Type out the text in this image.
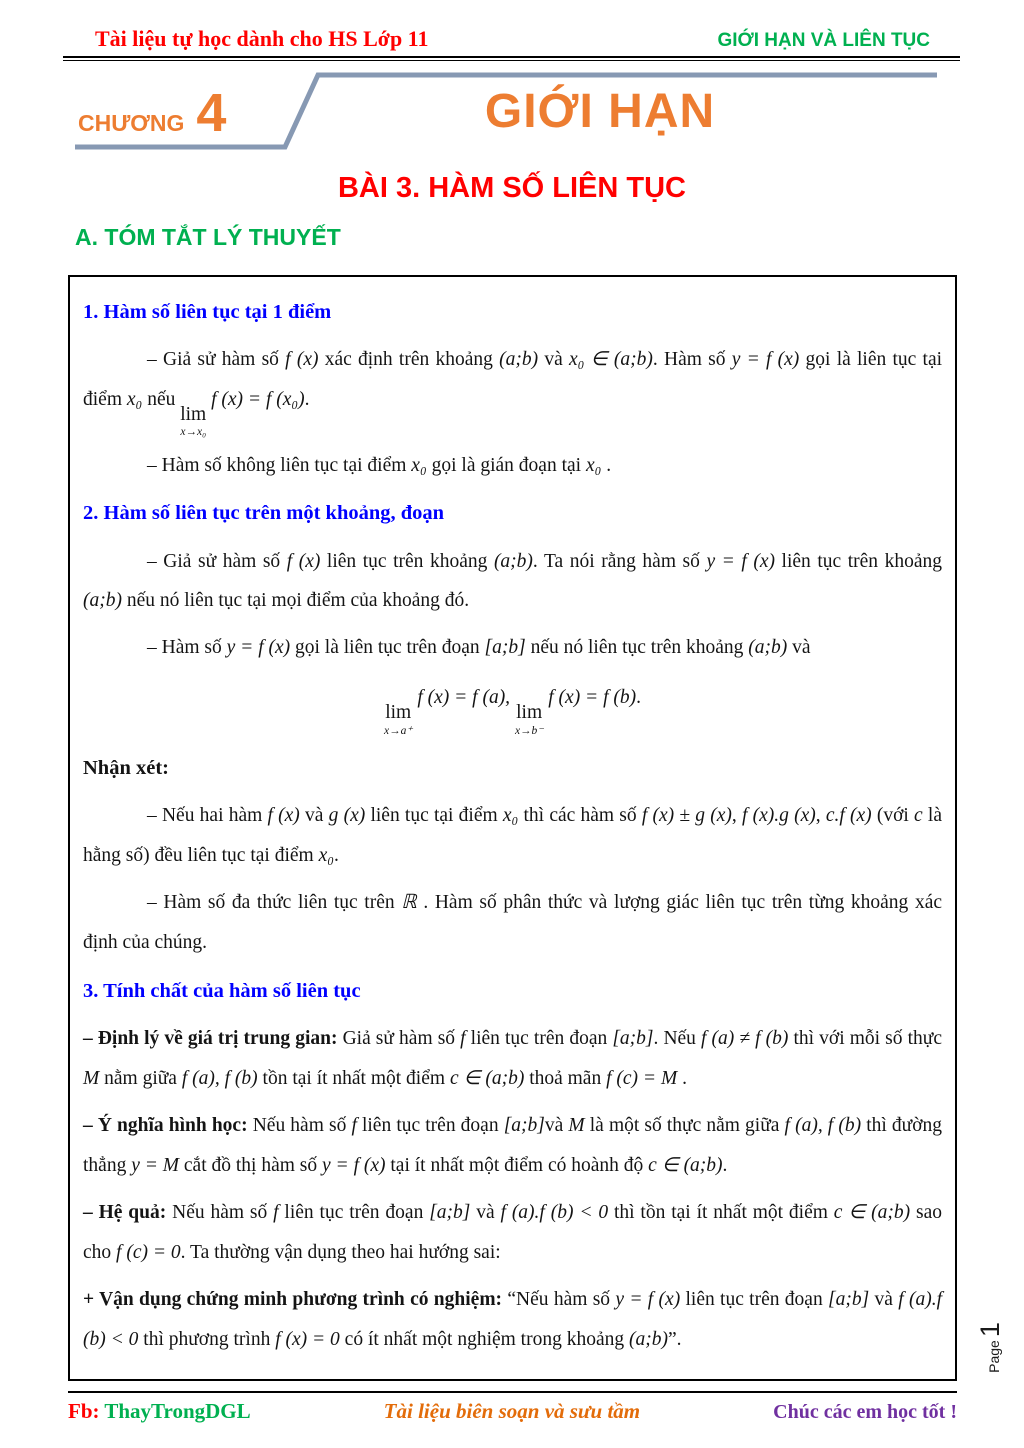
Tài liệu tự học dành cho HS Lớp 11	GIỚI HẠN VÀ LIÊN TỤC
CHƯƠNG 4	GIỚI HẠN
BÀI 3. HÀM SỐ LIÊN TỤC
A. TÓM TẮT LÝ THUYẾT

1. Hàm số liên tục tại 1 điểm

– Giả sử hàm số f (x) xác định trên khoảng (a;b) và x₀ ∈ (a;b). Hàm số y = f (x) gọi là liên tục tại điểm x₀ nếu
lim
x→x₀
f (x) = f (x₀).

– Hàm số không liên tục tại điểm x₀ gọi là gián đoạn tại x₀ .

2. Hàm số liên tục trên một khoảng, đoạn

– Giả sử hàm số f (x) liên tục trên khoảng (a;b). Ta nói rằng hàm số y = f (x) liên tục trên khoảng (a;b) nếu nó liên tục tại mọi điểm của khoảng đó.

– Hàm số y = f (x) gọi là liên tục trên đoạn [a;b] nếu nó liên tục trên khoảng (a;b) và

lim
x→a⁺
f (x) = f (a),
lim
x→b⁻
f (x) = f (b).

Nhận xét:

– Nếu hai hàm f (x) và g (x) liên tục tại điểm x₀ thì các hàm số f (x) ± g (x), f (x).g (x), c.f (x) (với c là hằng số) đều liên tục tại điểm x₀.

– Hàm số đa thức liên tục trên ℝ . Hàm số phân thức và lượng giác liên tục trên từng khoảng xác định của chúng.

3. Tính chất của hàm số liên tục

– Định lý về giá trị trung gian: Giả sử hàm số f liên tục trên đoạn [a;b]. Nếu f (a) ≠ f (b) thì với mỗi số thực M nằm giữa f (a), f (b) tồn tại ít nhất một điểm c ∈ (a;b) thoả mãn f (c) = M .

– Ý nghĩa hình học: Nếu hàm số f liên tục trên đoạn [a;b]và M là một số thực nằm giữa f (a), f (b) thì đường thẳng y = M cắt đồ thị hàm số y = f (x) tại ít nhất một điểm có hoành độ c ∈ (a;b).

– Hệ quả: Nếu hàm số f liên tục trên đoạn [a;b] và f (a).f (b) < 0 thì tồn tại ít nhất một điểm c ∈ (a;b) sao cho f (c) = 0. Ta thường vận dụng theo hai hướng sai:

+ Vận dụng chứng minh phương trình có nghiệm: “Nếu hàm số y = f (x) liên tục trên đoạn [a;b] và f (a).f (b) < 0 thì phương trình f (x) = 0 có ít nhất một nghiệm trong khoảng (a;b)”.

Fb: ThayTrongDGL	Tài liệu biên soạn và sưu tầm	Chúc các em học tốt !
Page
1
